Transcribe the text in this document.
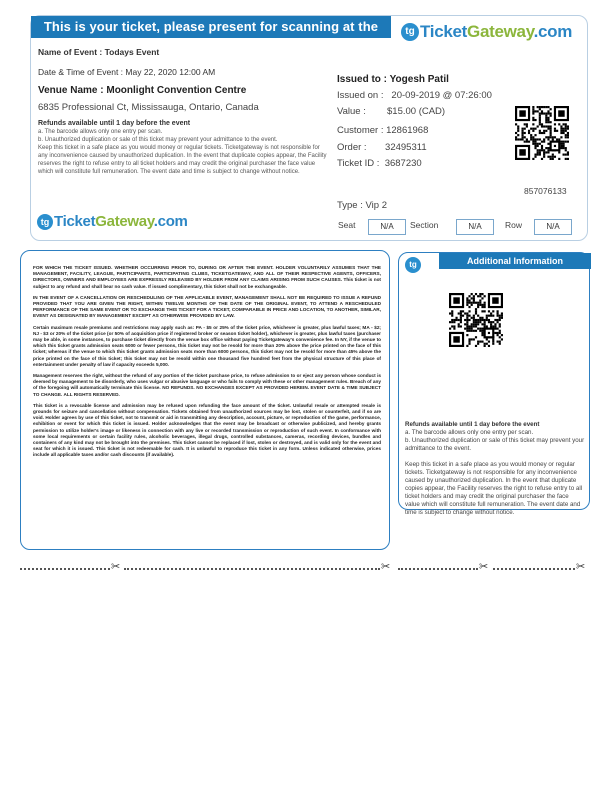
This is your ticket, please present for scanning at the door
tg TicketGateway.com
Name of Event : Todays Event
Date & Time of Event : May 22, 2020 12:00 AM
Venue Name : Moonlight Convention Centre
6835 Professional Ct, Mississauga, Ontario, Canada
Refunds available until 1 day before the event
a. The barcode allows only one entry per scan.
b. Unauthorized duplication or sale of this ticket may prevent your admittance to the event.
Keep this ticket in a safe place as you would money or regular tickets. Ticketgateway is not responsible for any inconvenience caused by unauthorized duplication. In the event that duplicate copies appear, the Facility reserves the right to refuse entry to all ticket holders and may credit the original purchaser the face value which will constitute full remuneration. The event date and time is subject to change without notice.
Issued to : Yogesh Patil
Issued on : 20-09-2019 @ 07:26:00
Value : $15.00 (CAD)
Customer : 12861968
Order : 32495311
Ticket ID : 3687230
857076133
Type : Vip 2
Seat	N/A	Section	N/A	Row	N/A
tg TicketGateway.com

FOR WHICH THE TICKET ISSUED. WHETHER OCCURRING PRIOR TO, DURING OR AFTER THE EVENT. HOLDER VOLUNTARILY ASSUMES THAT THE MANAGEMENT, FACILITY, LEAGUE, PARTICIPANTS, PARTICIPATING CLUBS, TICKETGATEWAY, AND ALL OF THEIR RESPECTIVE AGENTS, OFFICERS, DIRECTORS, OWNERS AND EMPLOYEES ARE EXPRESSLY RELEASED BY HOLDER FROM ANY CLAIMS ARISING FROM SUCH CAUSES. This ticket is not subject to any refund and shall bear no cash value. If issued complimentary, this ticket shall not be exchangeable.

IN THE EVENT OF A CANCELLATION OR RESCHEDULING OF THE APPLICABLE EVENT, MANAGEMENT SHALL NOT BE REQUIRED TO ISSUE A REFUND PROVIDED THAT YOU ARE GIVEN THE RIGHT, WITHIN TWELVE MONTHS OF THE DATE OF THE ORIGINAL EVENT, TO ATTEND A RESCHEDULED PERFORMANCE OF THE SAME EVENT OR TO EXCHANGE THIS TICKET FOR A TICKET, COMPARABLE IN PRICE AND LOCATION, TO ANOTHER, SIMILAR, EVENT AS DESIGNATED BY MANAGEMENT EXCEPT AS OTHERWISE PROVIDED BY LAW.

Certain maximum resale premiums and restrictions may apply such as: PA - $5 or 25% of the ticket price, whichever is greater, plus lawful taxes; MA - $2; NJ - $3 or 20% of the ticket price (or 50% of acquisition price if registered broker or season ticket holder), whichever is greater, plus lawful taxes (purchaser may be able, in some instances, to purchase ticket directly from the venue box office without paying Ticketgateway's convenience fee. In NY, if the venue to which this ticket grants admission seats 6000 or fewer persons, this ticket may not be resold for more than 20% above the price printed on the face of this ticket; whereas if the venue to which this ticket grants admission seats more than 6000 persons, this ticket may not be resold for more than 45% above the price printed on the face of this ticket; this ticket may not be resold within one thousand five hundred feet from the physical structure of this place of entertainment under penalty of law if capacity exceeds 5,000.

Management reserves the right, without the refund of any portion of the ticket purchase price, to refuse admission to or eject any person whose conduct is deemed by management to be disorderly, who uses vulgar or abusive language or who fails to comply with these or other management rules. Breach of any of the foregoing will automatically terminate this license. NO REFUNDS. NO EXCHANGES EXCEPT AS PROVIDED HEREIN. EVENT DATE & TIME SUBJECT TO CHANGE. ALL RIGHTS RESERVED.

This ticket is a revocable license and admission may be refused upon refunding the face amount of the ticket. Unlawful resale or attempted resale is grounds for seizure and cancellation without compensation. Tickets obtained from unauthorized sources may be lost, stolen or counterfeit, and if so are void. Holder agrees by use of this ticket, not to transmit or aid in transmitting any description, account, picture, or reproduction of the game, performance, exhibition or event for which this ticket is issued. Holder acknowledges that the event may be broadcast or otherwise publicized, and hereby grants permission to utilize holder's image or likeness in connection with any live or recorded transmission or reproduction of such event. In conformance with some local requirements or certain facility rules, alcoholic beverages, illegal drugs, controlled substances, cameras, recording devices, bundles and containers of any kind may not be brought into the premises. This ticket cannot be replaced if lost, stolen or destroyed, and is valid only for the event and seat for which it is issued. This ticket is not redeemable for cash. It is unlawful to reproduce this ticket in any form. Unless indicated otherwise, prices include all applicable taxes and/or cash discounts (if available).

tg	Additional Information
Refunds available until 1 day before the event
a. The barcode allows only one entry per scan.
b. Unauthorized duplication or sale of this ticket may prevent your admittance to the event.
Keep this ticket in a safe place as you would money or regular tickets. Ticketgateway is not responsible for any inconvenience caused by unauthorized duplication. In the event that duplicate copies appear, the Facility reserves the right to refuse entry to all ticket holders and may credit the original purchaser the face value which will constitute full remuneration. The event date and time is subject to change without notice.
✂	✂	✂	✂
